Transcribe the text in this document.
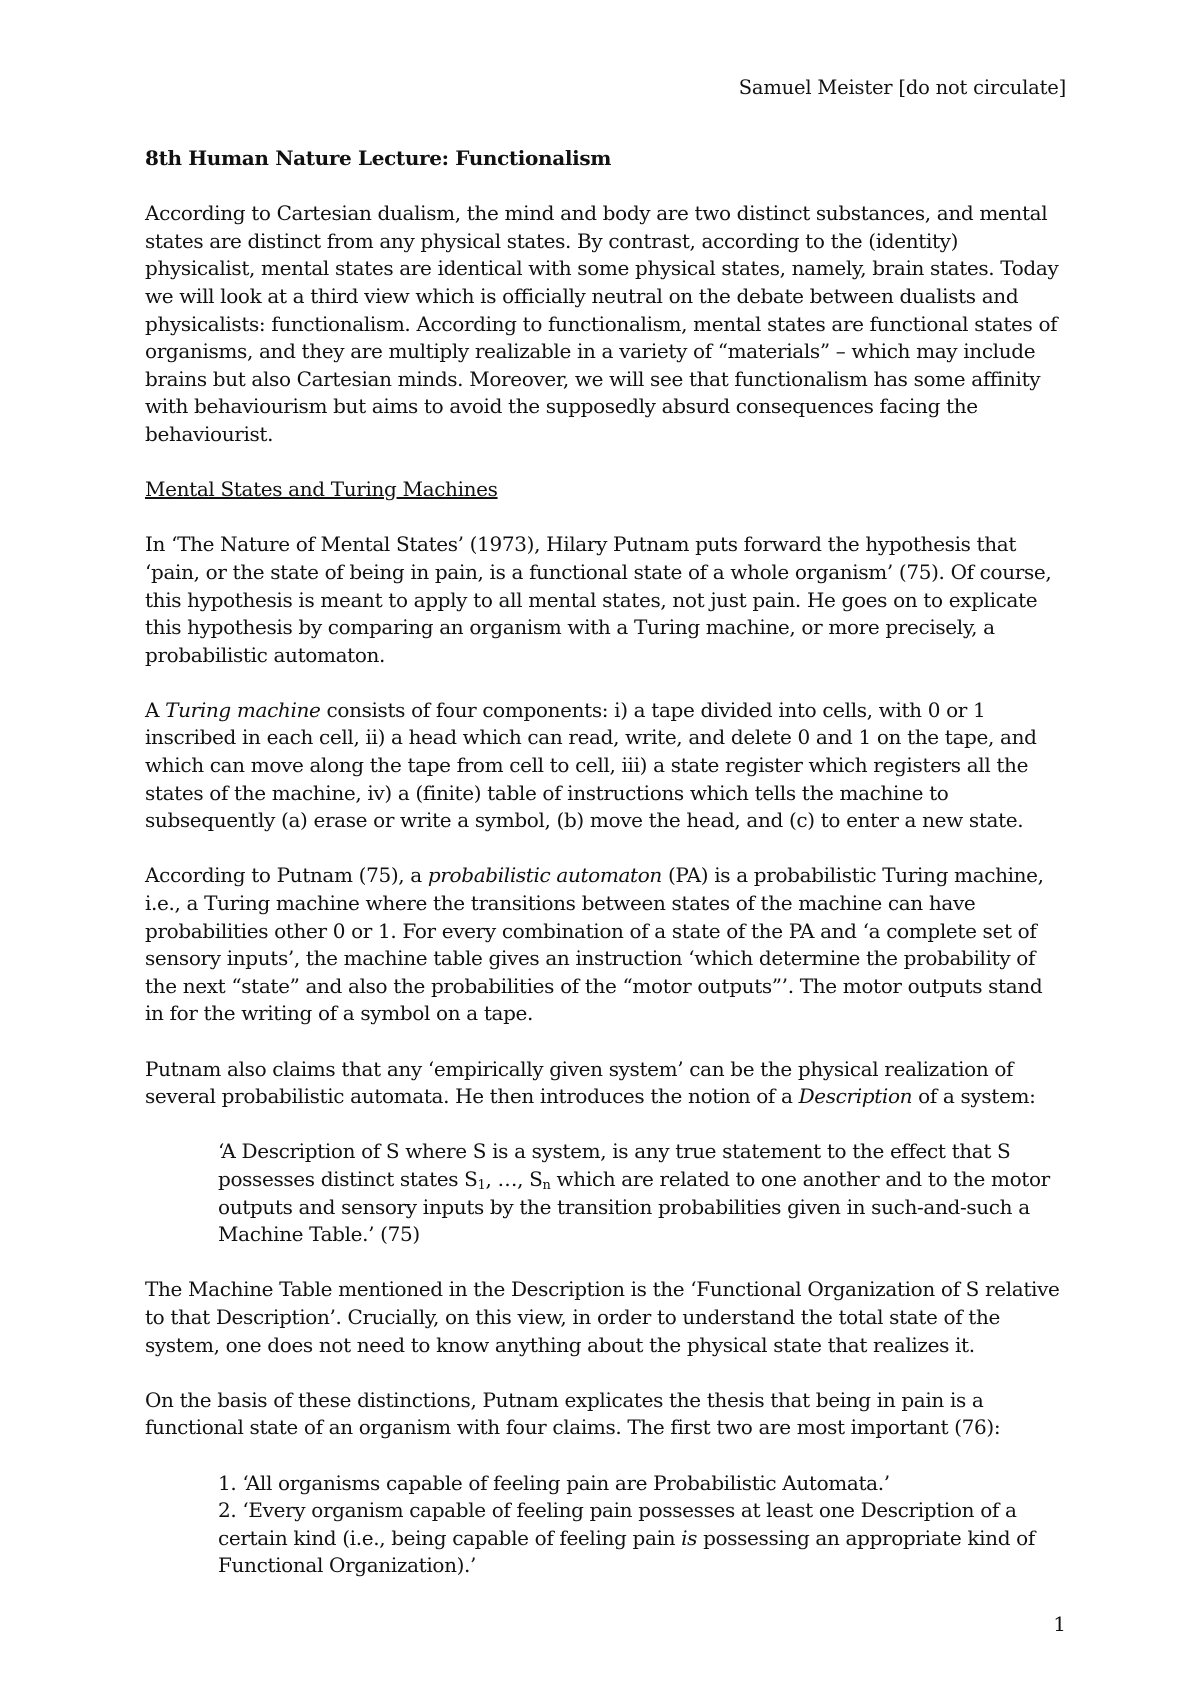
Samuel Meister [do not circulate]

8th Human Nature Lecture: Functionalism

According to Cartesian dualism, the mind and body are two distinct substances, and mental states are distinct from any physical states. By contrast, according to the (identity) physicalist, mental states are identical with some physical states, namely, brain states. Today we will look at a third view which is officially neutral on the debate between dualists and physicalists: functionalism. According to functionalism, mental states are functional states of organisms, and they are multiply realizable in a variety of “materials” – which may include brains but also Cartesian minds. Moreover, we will see that functionalism has some affinity with behaviourism but aims to avoid the supposedly absurd consequences facing the behaviourist.

Mental States and Turing Machines

In ‘The Nature of Mental States’ (1973), Hilary Putnam puts forward the hypothesis that ‘pain, or the state of being in pain, is a functional state of a whole organism’ (75). Of course, this hypothesis is meant to apply to all mental states, not just pain. He goes on to explicate this hypothesis by comparing an organism with a Turing machine, or more precisely, a probabilistic automaton.

A Turing machine consists of four components: i) a tape divided into cells, with 0 or 1 inscribed in each cell, ii) a head which can read, write, and delete 0 and 1 on the tape, and which can move along the tape from cell to cell, iii) a state register which registers all the states of the machine, iv) a (finite) table of instructions which tells the machine to subsequently (a) erase or write a symbol, (b) move the head, and (c) to enter a new state.

According to Putnam (75), a probabilistic automaton (PA) is a probabilistic Turing machine, i.e., a Turing machine where the transitions between states of the machine can have probabilities other 0 or 1. For every combination of a state of the PA and ‘a complete set of sensory inputs’, the machine table gives an instruction ‘which determine the probability of the next “state” and also the probabilities of the “motor outputs”’. The motor outputs stand in for the writing of a symbol on a tape.

Putnam also claims that any ‘empirically given system’ can be the physical realization of several probabilistic automata. He then introduces the notion of a Description of a system:

‘A Description of S where S is a system, is any true statement to the effect that S possesses distinct states $S_1$, …, $S_n$ which are related to one another and to the motor outputs and sensory inputs by the transition probabilities given in such-and-such a Machine Table.’ (75)

The Machine Table mentioned in the Description is the ‘Functional Organization of S relative to that Description’. Crucially, on this view, in order to understand the total state of the system, one does not need to know anything about the physical state that realizes it.

On the basis of these distinctions, Putnam explicates the thesis that being in pain is a functional state of an organism with four claims. The first two are most important (76):

1. ‘All organisms capable of feeling pain are Probabilistic Automata.’
2. ‘Every organism capable of feeling pain possesses at least one Description of a certain kind (i.e., being capable of feeling pain is possessing an appropriate kind of Functional Organization).’
1
